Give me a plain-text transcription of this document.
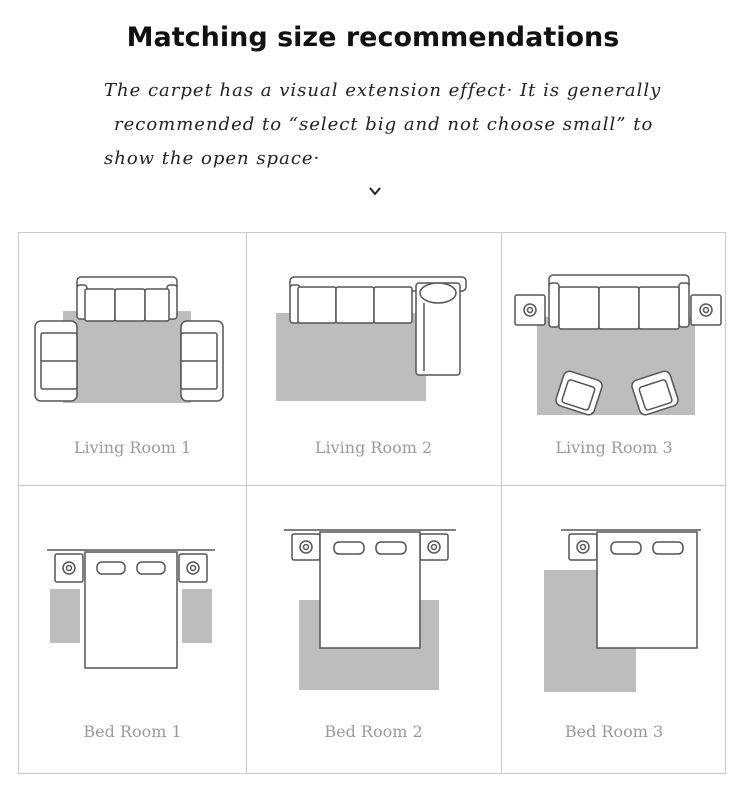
Matching size recommendations
The carpet has a visual extension effect· It is generally
recommended to “select big and not choose small” to
show the open space·
Living Room 1	Living Room 2	Living Room 3
Bed Room 1	Bed Room 2	Bed Room 3
